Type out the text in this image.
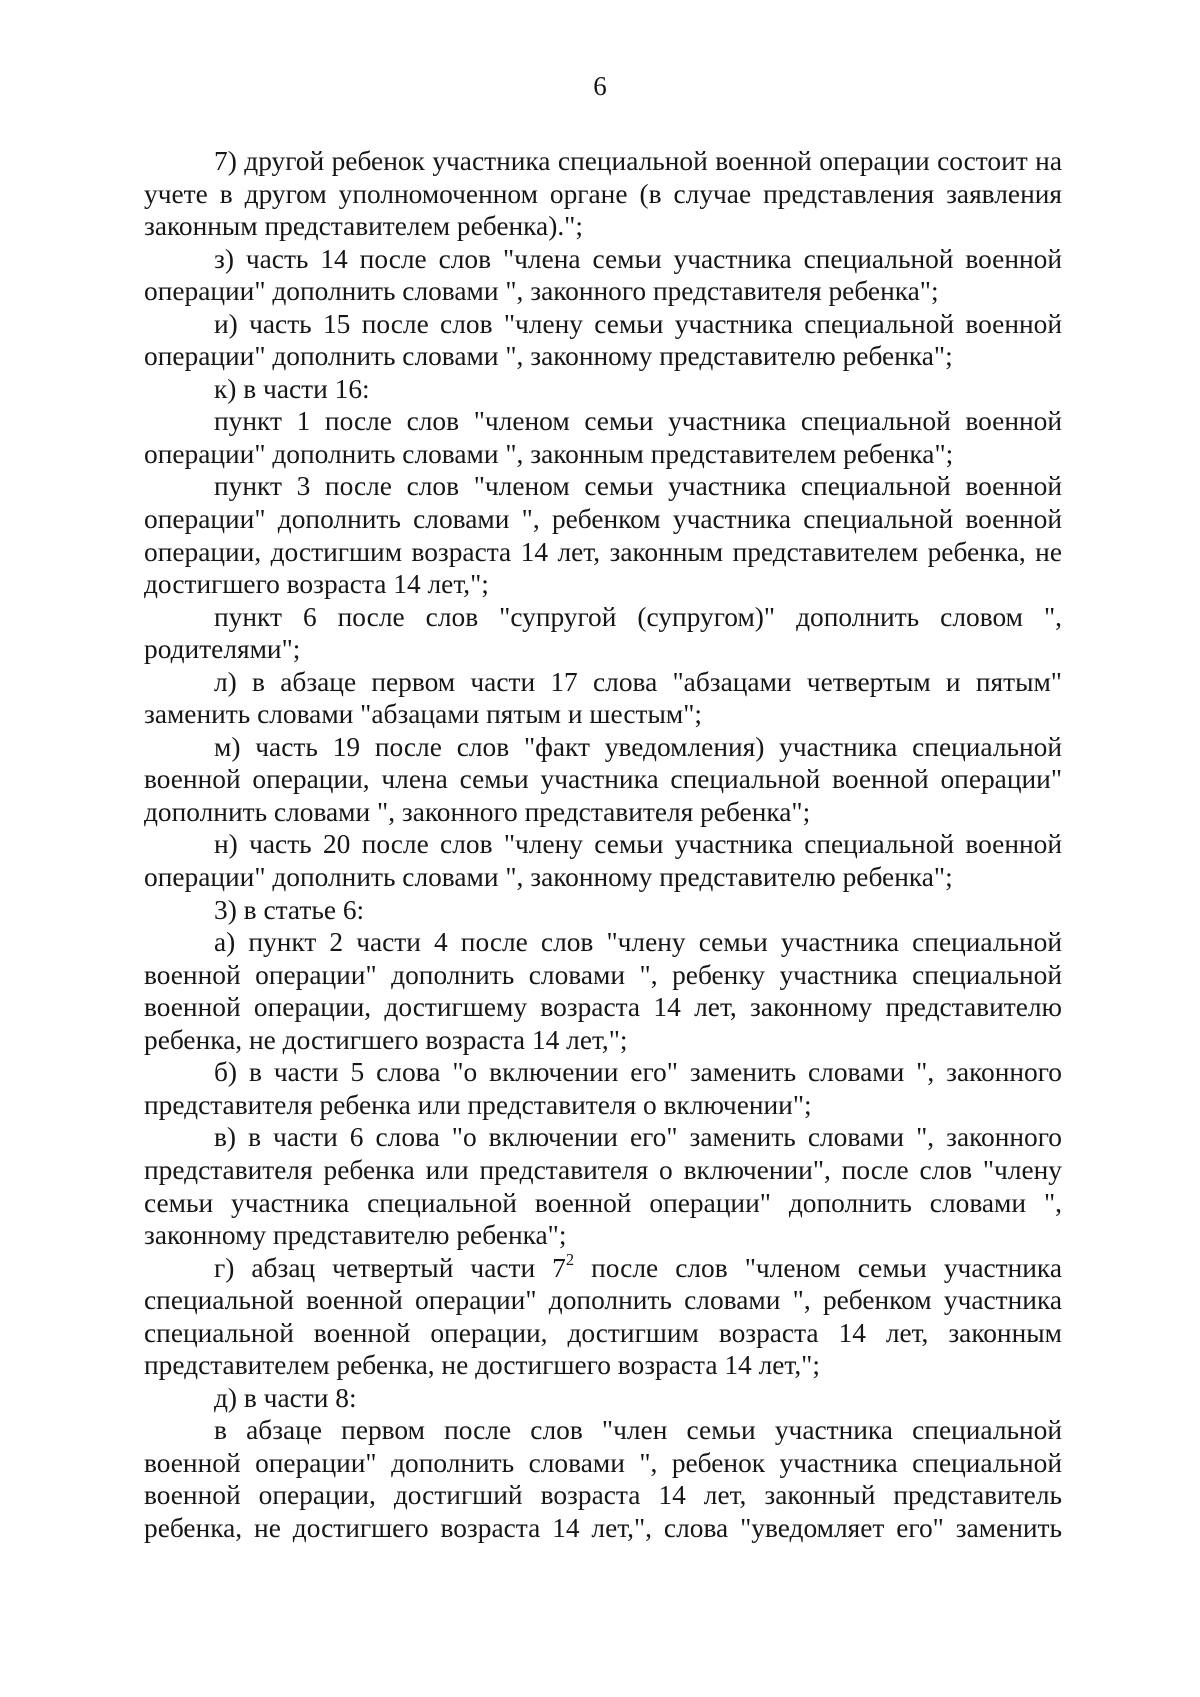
6

7) другой ребенок участника специальной военной операции состоит на учете в другом уполномоченном органе (в случае представления заявления законным представителем ребенка).";

з) часть 14 после слов "члена семьи участника специальной военной операции" дополнить словами ", законного представителя ребенка";

и) часть 15 после слов "члену семьи участника специальной военной операции" дополнить словами ", законному представителю ребенка";

к) в части 16:

пункт 1 после слов "членом семьи участника специальной военной операции" дополнить словами ", законным представителем ребенка";

пункт 3 после слов "членом семьи участника специальной военной операции" дополнить словами ", ребенком участника специальной военной операции, достигшим возраста 14 лет, законным представителем ребенка, не достигшего возраста 14 лет,";

пункт 6 после слов "супругой (супругом)" дополнить словом ", родителями";

л) в абзаце первом части 17 слова "абзацами четвертым и пятым" заменить словами "абзацами пятым и шестым";

м) часть 19 после слов "факт уведомления) участника специальной военной операции, члена семьи участника специальной военной операции" дополнить словами ", законного представителя ребенка";

н) часть 20 после слов "члену семьи участника специальной военной операции" дополнить словами ", законному представителю ребенка";

3) в статье 6:

а) пункт 2 части 4 после слов "члену семьи участника специальной военной операции" дополнить словами ", ребенку участника специальной военной операции, достигшему возраста 14 лет, законному представителю ребенка, не достигшего возраста 14 лет,";

б) в части 5 слова "о включении его" заменить словами ", законного представителя ребенка или представителя о включении";

в) в части 6 слова "о включении его" заменить словами ", законного представителя ребенка или представителя о включении", после слов "члену семьи участника специальной военной операции" дополнить словами ", законному представителю ребенка";

г) абзац четвертый части $7^2$ после слов "членом семьи участника специальной военной операции" дополнить словами ", ребенком участника специальной военной операции, достигшим возраста 14 лет, законным представителем ребенка, не достигшего возраста 14 лет,";

д) в части 8:

в абзаце первом после слов "член семьи участника специальной военной операции" дополнить словами ", ребенок участника специальной военной операции, достигший возраста 14 лет, законный представитель ребенка, не достигшего возраста 14 лет,", слова "уведомляет его" заменить
